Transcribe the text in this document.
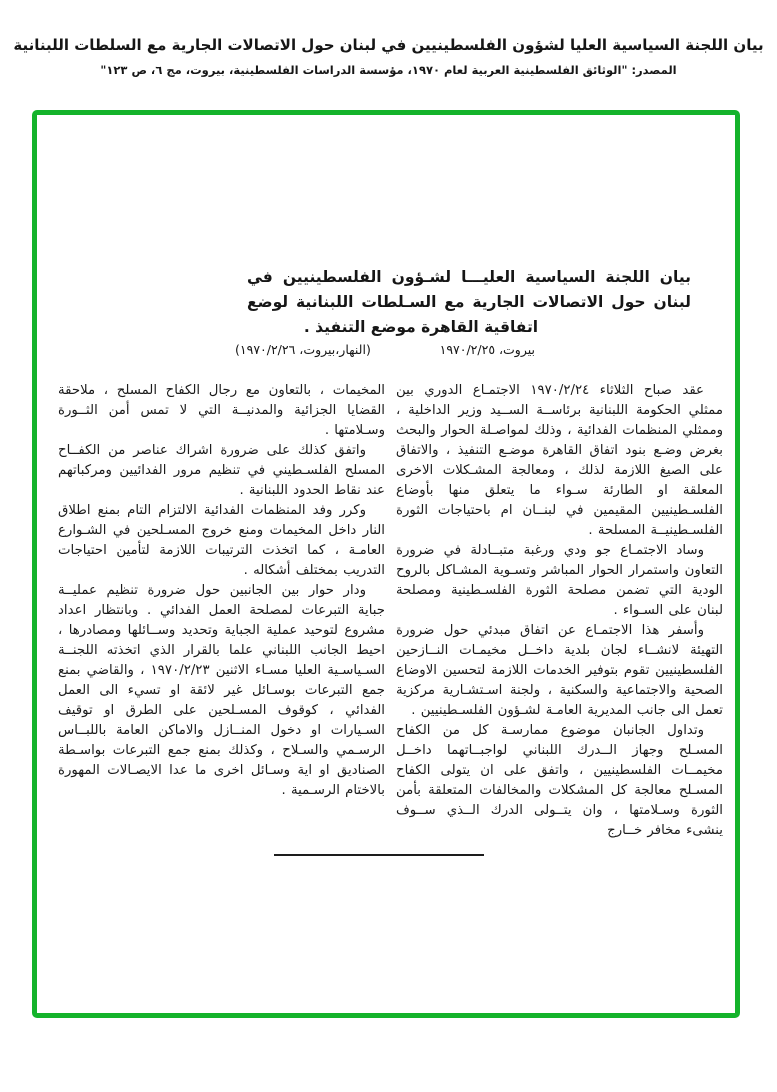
بيان اللجنة السياسية العليا لشؤون الفلسطينيين في لبنان حول الاتصالات الجارية مع السلطات اللبنانية
المصدر: "الوثائق الفلسطينية العربية لعام ١٩٧٠، مؤسسة الدراسات الفلسطينية، بيروت، مج ٦، ص ١٢٣"
بيان اللجنة السياسية العليـــا لشـؤون الفلسطينيين في
لبنان حول الاتصالات الجارية مع السـلطات اللبنانية لوضع
اتفاقية القاهرة موضع التنفيذ .
بيروت، ١٩٧٠/٢/٢٥
(النهار،بيروت، ١٩٧٠/٢/٢٦)

عقد صباح الثلاثاء ١٩٧٠/٢/٢٤ الاجتمـاع الدوري بين ممثلي الحكومة اللبنانية برئاســة الســيد وزير الداخلية ، وممثلي المنظمات الفدائية ، وذلك لمواصـلة الحوار والبحث بغرض وضـع بنود اتفاق القاهرة موضـع التنفيذ ، والاتفاق على الصيغ اللازمة لذلك ، ومعالجة المشـكلات الاخرى المعلقة او الطارئة سـواء ما يتعلق منها بأوضاع الفلسـطينيين المقيمين في لبنــان ام باحتياجات الثورة الفلسـطينيــة المسلحة .

وساد الاجتمـاع جو ودي ورغبة متبــادلة في ضرورة التعاون واستمرار الحوار المباشر وتسـوية المشـاكل بالروح الودية التي تضمن مصلحة الثورة الفلسـطينية ومصلحة لبنان على السـواء .

وأسفر هذا الاجتمـاع عن اتفاق مبدئي حول ضرورة التهيئة لانشــاء لجان بلدية داخــل مخيمـات النــازحين الفلسطينيين تقوم بتوفير الخدمات اللازمة لتحسين الاوضاع الصحية والاجتماعية والسكنية ، ولجنة اسـتشـارية مركزية تعمل الى جانب المديرية العامـة لشـؤون الفلسـطينيين .

وتداول الجانبان موضوع ممارسـة كل من الكفاح المسـلح وجهاز الــدرك اللبناني لواجبــاتهما داخــل مخيمــات الفلسطينيين ، واتفق على ان يتولى الكفاح المسـلح معالجة كل المشكلات والمخالفات المتعلقة بأمن الثورة وسـلامتها ، وان يتــولى الدرك الــذي ســوف ينشىء مخافر خــارج

المخيمات ، بالتعاون مع رجال الكفاح المسلح ، ملاحقة القضايا الجزائية والمدنيــة التي لا تمس أمن الثــورة وسـلامتها .

واتفق كذلك على ضرورة اشراك عناصر من الكفــاح المسلح الفلسـطيني في تنظيم مرور الفدائيين ومركباتهم عند نقاط الحدود اللبنانية .

وكرر وفد المنظمات الفدائية الالتزام التام بمنع اطلاق النار داخل المخيمات ومنع خروج المسـلحين في الشـوارع العامـة ، كما اتخذت الترتيبات اللازمة لتأمين احتياجات التدريب بمختلف أشكاله .

ودار حوار بين الجانبين حول ضرورة تنظيم عمليــة جباية التبرعات لمصلحة العمل الفدائي . وبانتظار اعداد مشروع لتوحيد عملية الجباية وتحديد وســائلها ومصادرها ، احيط الجانب اللبناني علما بالقرار الذي اتخذته اللجنــة السـياسـية العليا مسـاء الاثنين ١٩٧٠/٢/٢٣ ، والقاضي بمنع جمع التبرعات بوسـائل غير لائقة او تسيء الى العمل الفدائي ، كوقوف المسـلحين على الطرق او توقيف السـيارات او دخول المنــازل والاماكن العامة باللبــاس الرسـمي والسـلاح ، وكذلك بمنع جمع التبرعات بواسـطة الصناديق او اية وسـائل اخرى ما عدا الايصـالات المهورة بالاختام الرسـمية .
